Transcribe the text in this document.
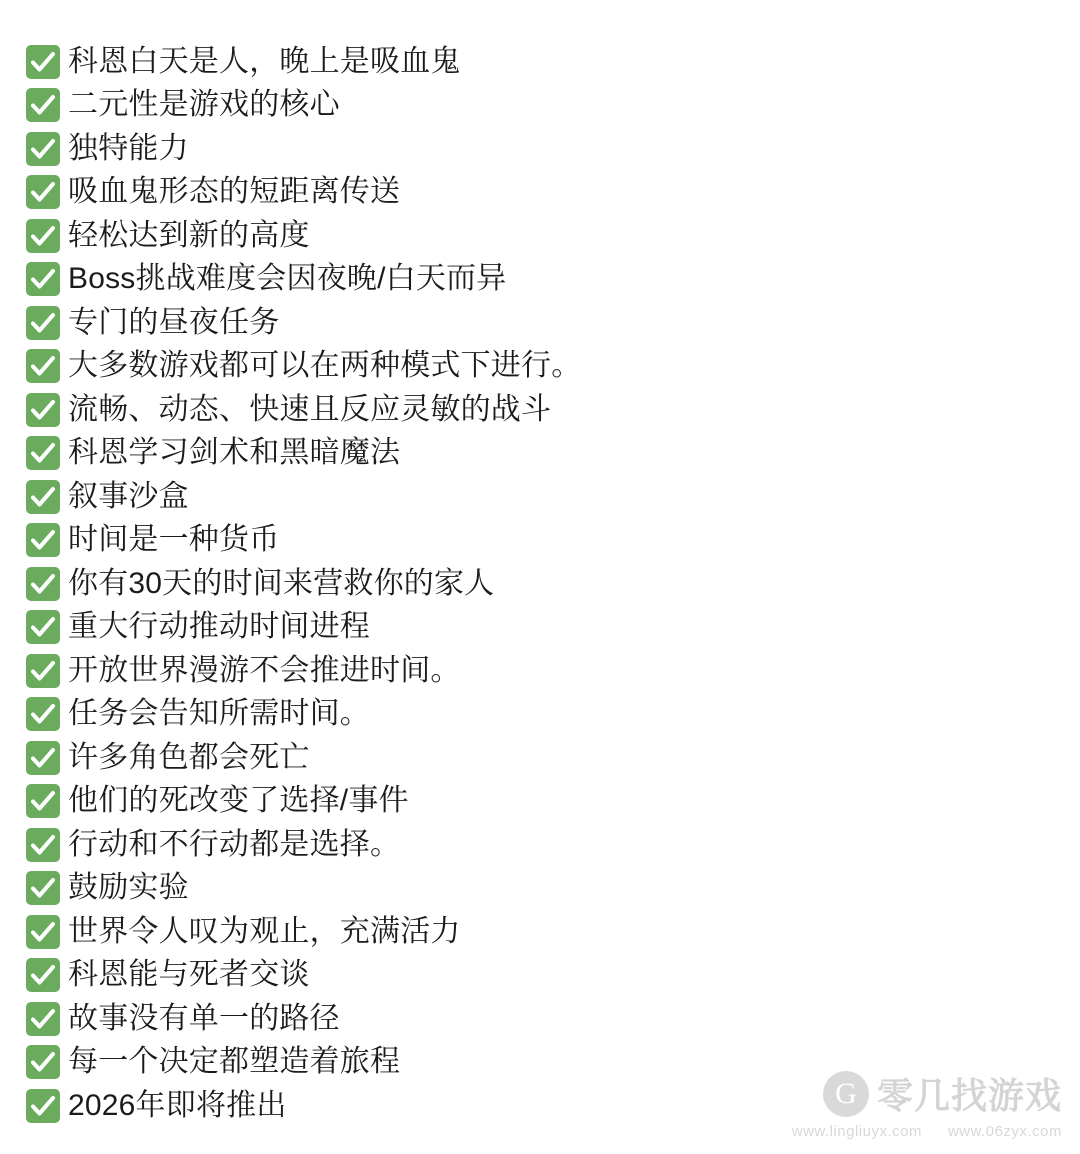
科恩白天是人，晚上是吸血鬼
二元性是游戏的核心
独特能力
吸血鬼形态的短距离传送
轻松达到新的高度
Boss挑战难度会因夜晚/白天而异
专门的昼夜任务
大多数游戏都可以在两种模式下进行。
流畅、动态、快速且反应灵敏的战斗
科恩学习剑术和黑暗魔法
叙事沙盒
时间是一种货币
你有30天的时间来营救你的家人
重大行动推动时间进程
开放世界漫游不会推进时间。
任务会告知所需时间。
许多角色都会死亡
他们的死改变了选择/事件
行动和不行动都是选择。
鼓励实验
世界令人叹为观止，充满活力
科恩能与死者交谈
故事没有单一的路径
每一个决定都塑造着旅程
2026年即将推出	G 零几找游戏
www.lingliuyx.com www.06zyx.com
